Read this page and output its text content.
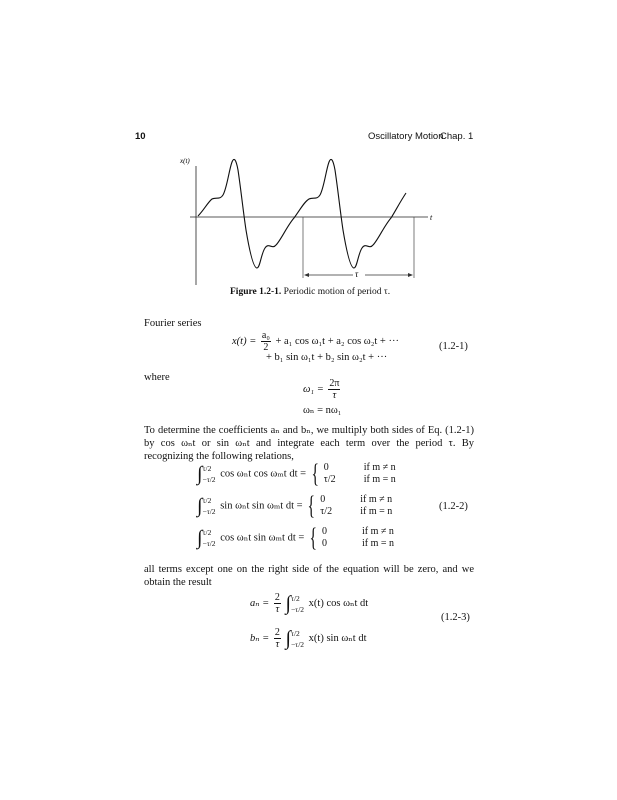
10	Oscillatory Motion
Chap. 1
x(t)
t
τ
Figure 1.2-1. Periodic motion of period τ.
Fourier series
$x(t) = \frac{\text{a₀}}{2} + a_1$ cos ω₁t + a₂ cos ω₂t + ···
+ b₁ sin ω₁t + b₂ sin ω₂t + ···
(1.2-1)
where
$\omega_1 = \frac{2\pi}{\tau}$
ωₙ = nω₁
To determine the coefficients aₙ and bₙ, we multiply both sides of Eq. (1.2-1) by cos ωₙt or sin ωₙt and integrate each term over the period τ. By recognizing the following relations,
∫ τ/2
−τ/2
cos ωₙt cos ωₘt dt = { 0	if m ≠ n
τ/2	if m = n
∫ τ/2
−τ/2
sin ωₙt sin ωₘt dt = { 0	if m ≠ n
τ/2	if m = n	(1.2-2)
∫ τ/2
−τ/2
cos ωₙt sin ωₘt dt = { 0	if m ≠ n
0	if m = n
all terms except one on the right side of the equation will be zero, and we obtain the result
$a_n = \frac{2}{\tau}$ ∫ τ/2
−τ/2
x(t) cos ωₙt dt
$b_n = \frac{2}{\tau}$ ∫ τ/2
−τ/2
x(t) sin ωₙt dt
(1.2-3)
